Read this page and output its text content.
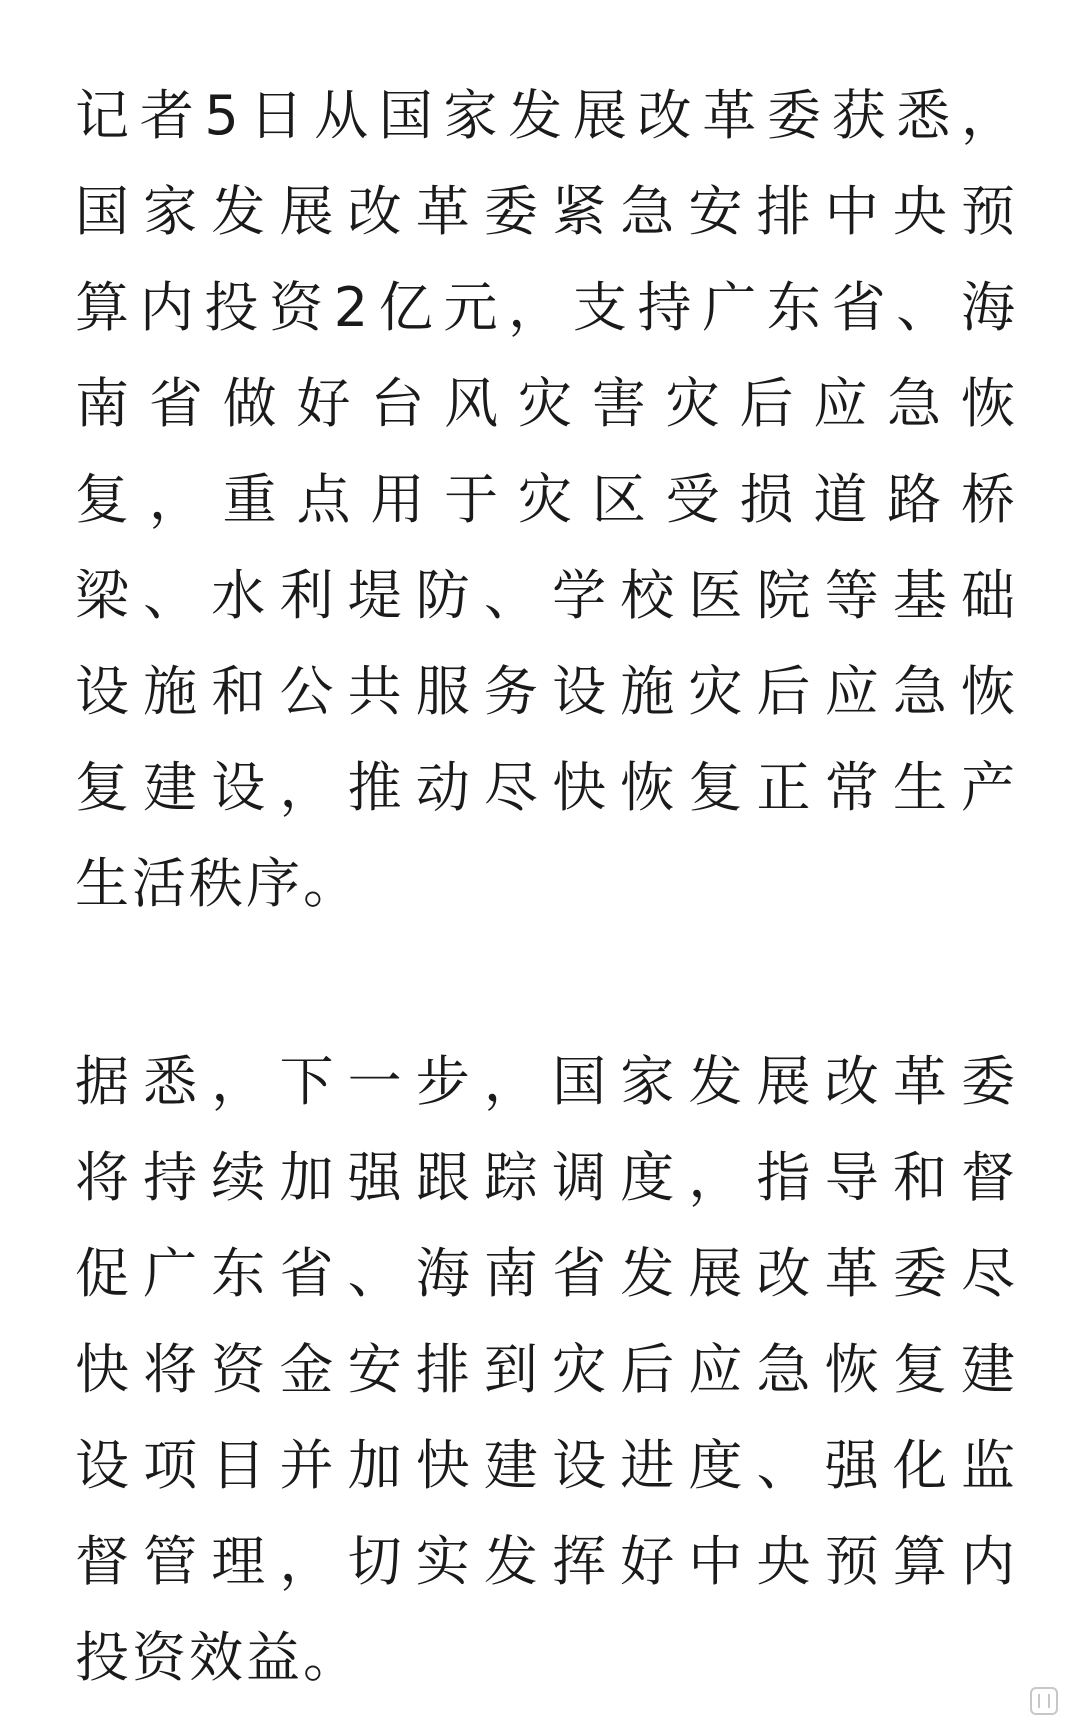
记者5日从国家发展改革委获悉，
国家发展改革委紧急安排中央预
算内投资2亿元，支持广东省、海
南省做好台风灾害灾后应急恢
复，重点用于灾区受损道路桥
梁、水利堤防、学校医院等基础
设施和公共服务设施灾后应急恢
复建设，推动尽快恢复正常生产
生活秩序。

据悉，下一步，国家发展改革委
将持续加强跟踪调度，指导和督
促广东省、海南省发展改革委尽
快将资金安排到灾后应急恢复建
设项目并加快建设进度、强化监
督管理，切实发挥好中央预算内
投资效益。
